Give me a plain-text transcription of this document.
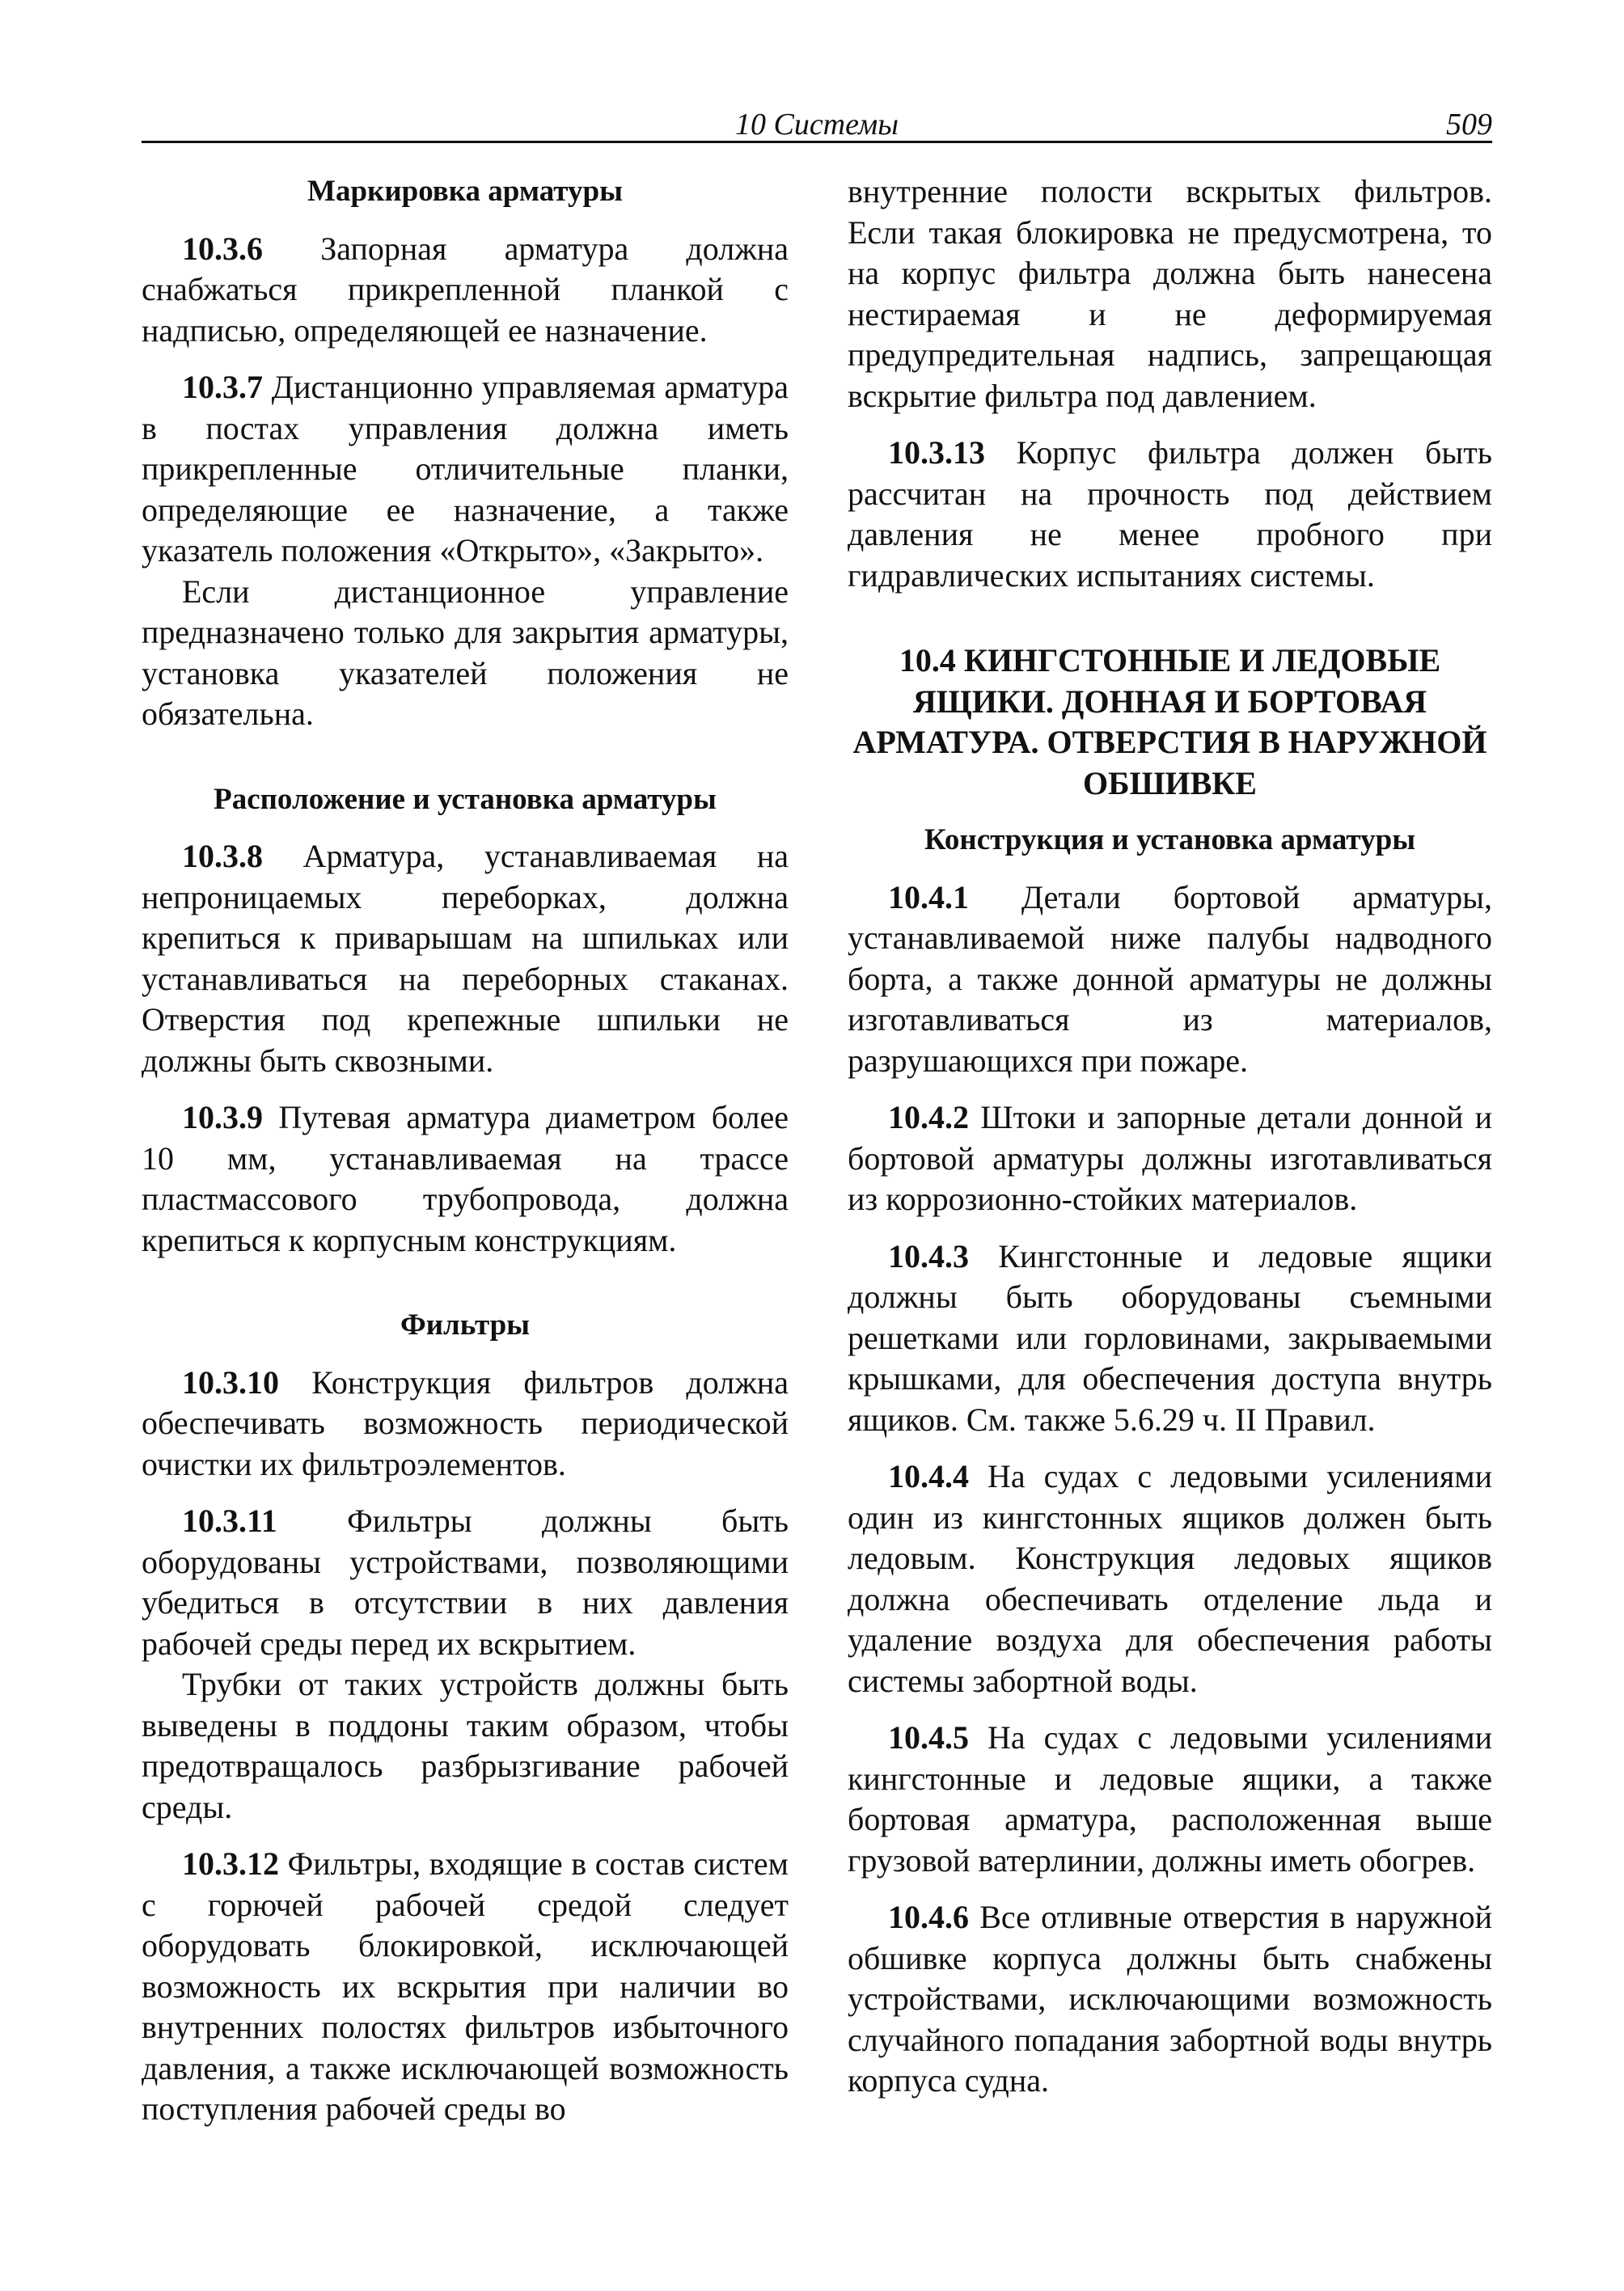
10 Системы	509
Маркировка арматуры

10.3.6 Запорная арматура должна снабжаться прикрепленной планкой с надписью, определяющей ее назначение.

10.3.7 Дистанционно управляемая арматура в постах управления должна иметь прикрепленные отличительные планки, определяющие ее назначение, а также указатель положения «Открыто», «Закрыто».

Если дистанционное управление предназначено только для закрытия арматуры, установка указателей положения не обязательна.

Расположение и установка арматуры

10.3.8 Арматура, устанавливаемая на непроницаемых переборках, должна крепиться к приварышам на шпильках или устанавливаться на переборных стаканах. Отверстия под крепежные шпильки не должны быть сквозными.

10.3.9 Путевая арматура диаметром более 10 мм, устанавливаемая на трассе пластмассового трубопровода, должна крепиться к корпусным конструкциям.

Фильтры

10.3.10 Конструкция фильтров должна обеспечивать возможность периодической очистки их фильтроэлементов.

10.3.11 Фильтры должны быть оборудованы устройствами, позволяющими убедиться в отсутствии в них давления рабочей среды перед их вскрытием.

Трубки от таких устройств должны быть выведены в поддоны таким образом, чтобы предотвращалось разбрызгивание рабочей среды.

10.3.12 Фильтры, входящие в состав систем с горючей рабочей средой следует оборудовать блокировкой, исключающей возможность их вскрытия при наличии во внутренних полостях фильтров избыточного давления, а также исключающей возможность поступления рабочей среды во

внутренние полости вскрытых фильтров. Если такая блокировка не предусмотрена, то на корпус фильтра должна быть нанесена нестираемая и не деформируемая предупредительная надпись, запрещающая вскрытие фильтра под давлением.

10.3.13 Корпус фильтра должен быть рассчитан на прочность под действием давления не менее пробного при гидравлических испытаниях системы.

10.4 КИНГСТОННЫЕ И ЛЕДОВЫЕ ЯЩИКИ. ДОННАЯ И БОРТОВАЯ АРМАТУРА. ОТВЕРСТИЯ В НАРУЖНОЙ ОБШИВКЕ
Конструкция и установка арматуры

10.4.1 Детали бортовой арматуры, устанавливаемой ниже палубы надводного борта, а также донной арматуры не должны изготавливаться из материалов, разрушающихся при пожаре.

10.4.2 Штоки и запорные детали донной и бортовой арматуры должны изготавливаться из коррозионно-стойких материалов.

10.4.3 Кингстонные и ледовые ящики должны быть оборудованы съемными решетками или горловинами, закрываемыми крышками, для обеспечения доступа внутрь ящиков. См. также 5.6.29 ч. II Правил.

10.4.4 На судах с ледовыми усилениями один из кингстонных ящиков должен быть ледовым. Конструкция ледовых ящиков должна обеспечивать отделение льда и удаление воздуха для обеспечения работы системы забортной воды.

10.4.5 На судах с ледовыми усилениями кингстонные и ледовые ящики, а также бортовая арматура, расположенная выше грузовой ватерлинии, должны иметь обогрев.

10.4.6 Все отливные отверстия в наружной обшивке корпуса должны быть снабжены устройствами, исключающими возможность случайного попадания забортной воды внутрь корпуса судна.
